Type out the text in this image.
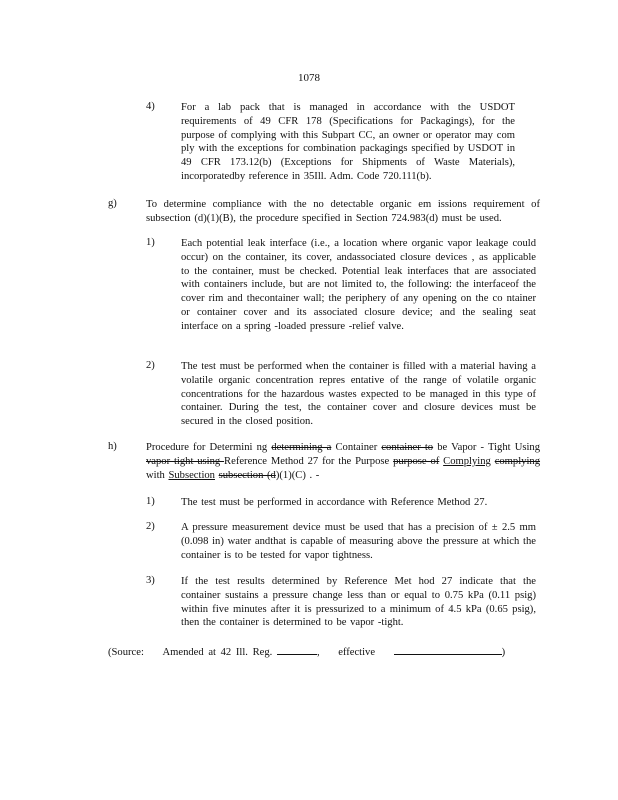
1078
4) For a lab pack that is managed in accordance with the USDOT requirements of 49 CFR 178 (Specifications for Packagings), for the purpose of complying with this Subpart CC, an owner or operator may com ply with the exceptions for combination packagings specified by USDOT in 49 CFR 173.12(b) (Exceptions for Shipments of Waste Materials), incorporatedby reference in 35Ill. Adm. Code 720.111(b).
g)	To determine compliance with the no detectable organic em issions requirement of subsection (d)(1)(B), the procedure specified in Section 724.983(d) must be used.
1) Each potential leak interface (i.e., a location where organic vapor leakage could occur) on the container, its cover, andassociated closure devices , as applicable to the container, must be checked. Potential leak interfaces that are associated with containers include, but are not limited to, the following: the interfaceof the cover rim and thecontainer wall; the periphery of any opening on the co ntainer or container cover and its associated closure device; and the sealing seat interface on a spring -loaded pressure -relief valve.
2) The test must be performed when the container is filled with a material having a volatile organic concentration repres entative of the range of volatile organic concentrations for the hazardous wastes expected to be managed in this type of container. During the test, the container cover and closure devices must be secured in the closed position.
h)	Procedure for Determini ng determining a Container container to be Vapor - Tight Using vapor tight using Reference Method 27 for the Purpose purpose of Complying complying with Subsection subsection (d)(1)(C) . -
1) The test must be performed in accordance with Reference Method 27.
2) A pressure measurement device must be used that has a precision of ± 2.5 mm (0.098 in) water andthat is capable of measuring above the pressure at which the container is to be tested for vapor tightness.
3) If the test results determined by Reference Met hod 27 indicate that the container sustains a pressure change less than or equal to 0.75 kPa (0.11 psig) within five minutes after it is pressurized to a minimum of 4.5 kPa (0.65 psig), then the container is determined to be vapor -tight.
(Source: Amended at 42 Ill. Reg.	, effective	)
